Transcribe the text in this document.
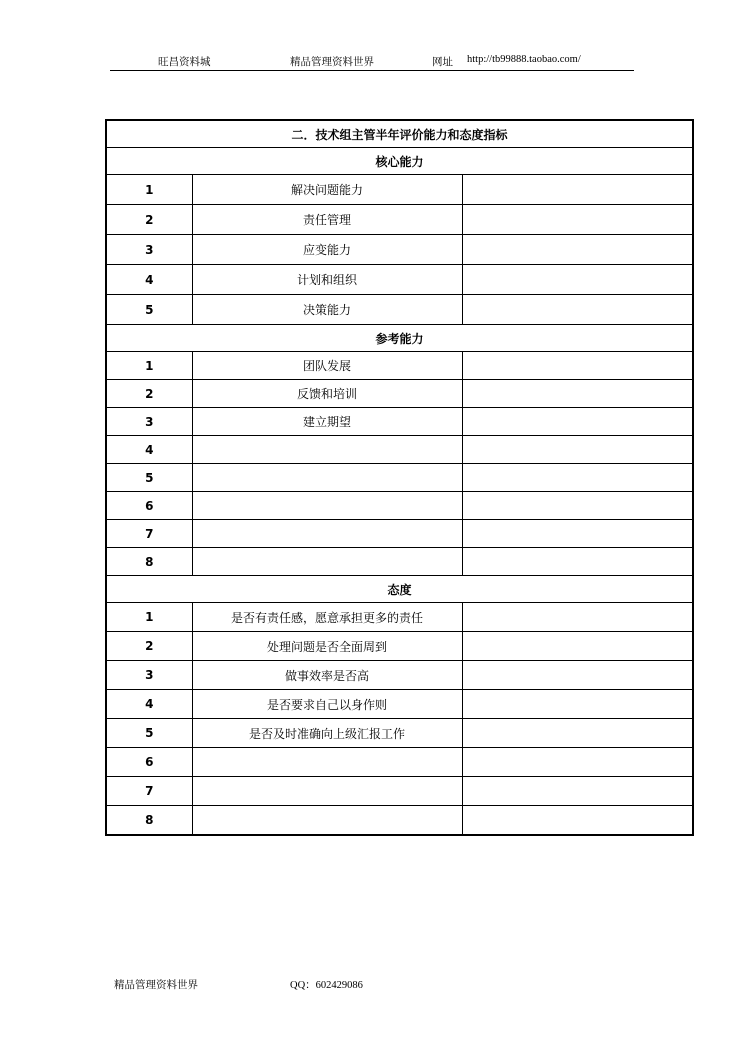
旺昌资料城	精品管理资料世界	网址 http://tb99888.taobao.com/
二．技术组主管半年评价能力和态度指标		
核心能力		
1	解决问题能力	
2	责任管理	
3	应变能力	
4	计划和组织	
5	决策能力	
参考能力		
1	团队发展	
2	反馈和培训	
3	建立期望	
4		
5		
6		
7		
8		
态度		
1	是否有责任感，愿意承担更多的责任	
2	处理问题是否全面周到	
3	做事效率是否高	
4	是否要求自己以身作则	
5	是否及时准确向上级汇报工作	
6		
7		
8		
精品管理资料世界	QQ：602429086
